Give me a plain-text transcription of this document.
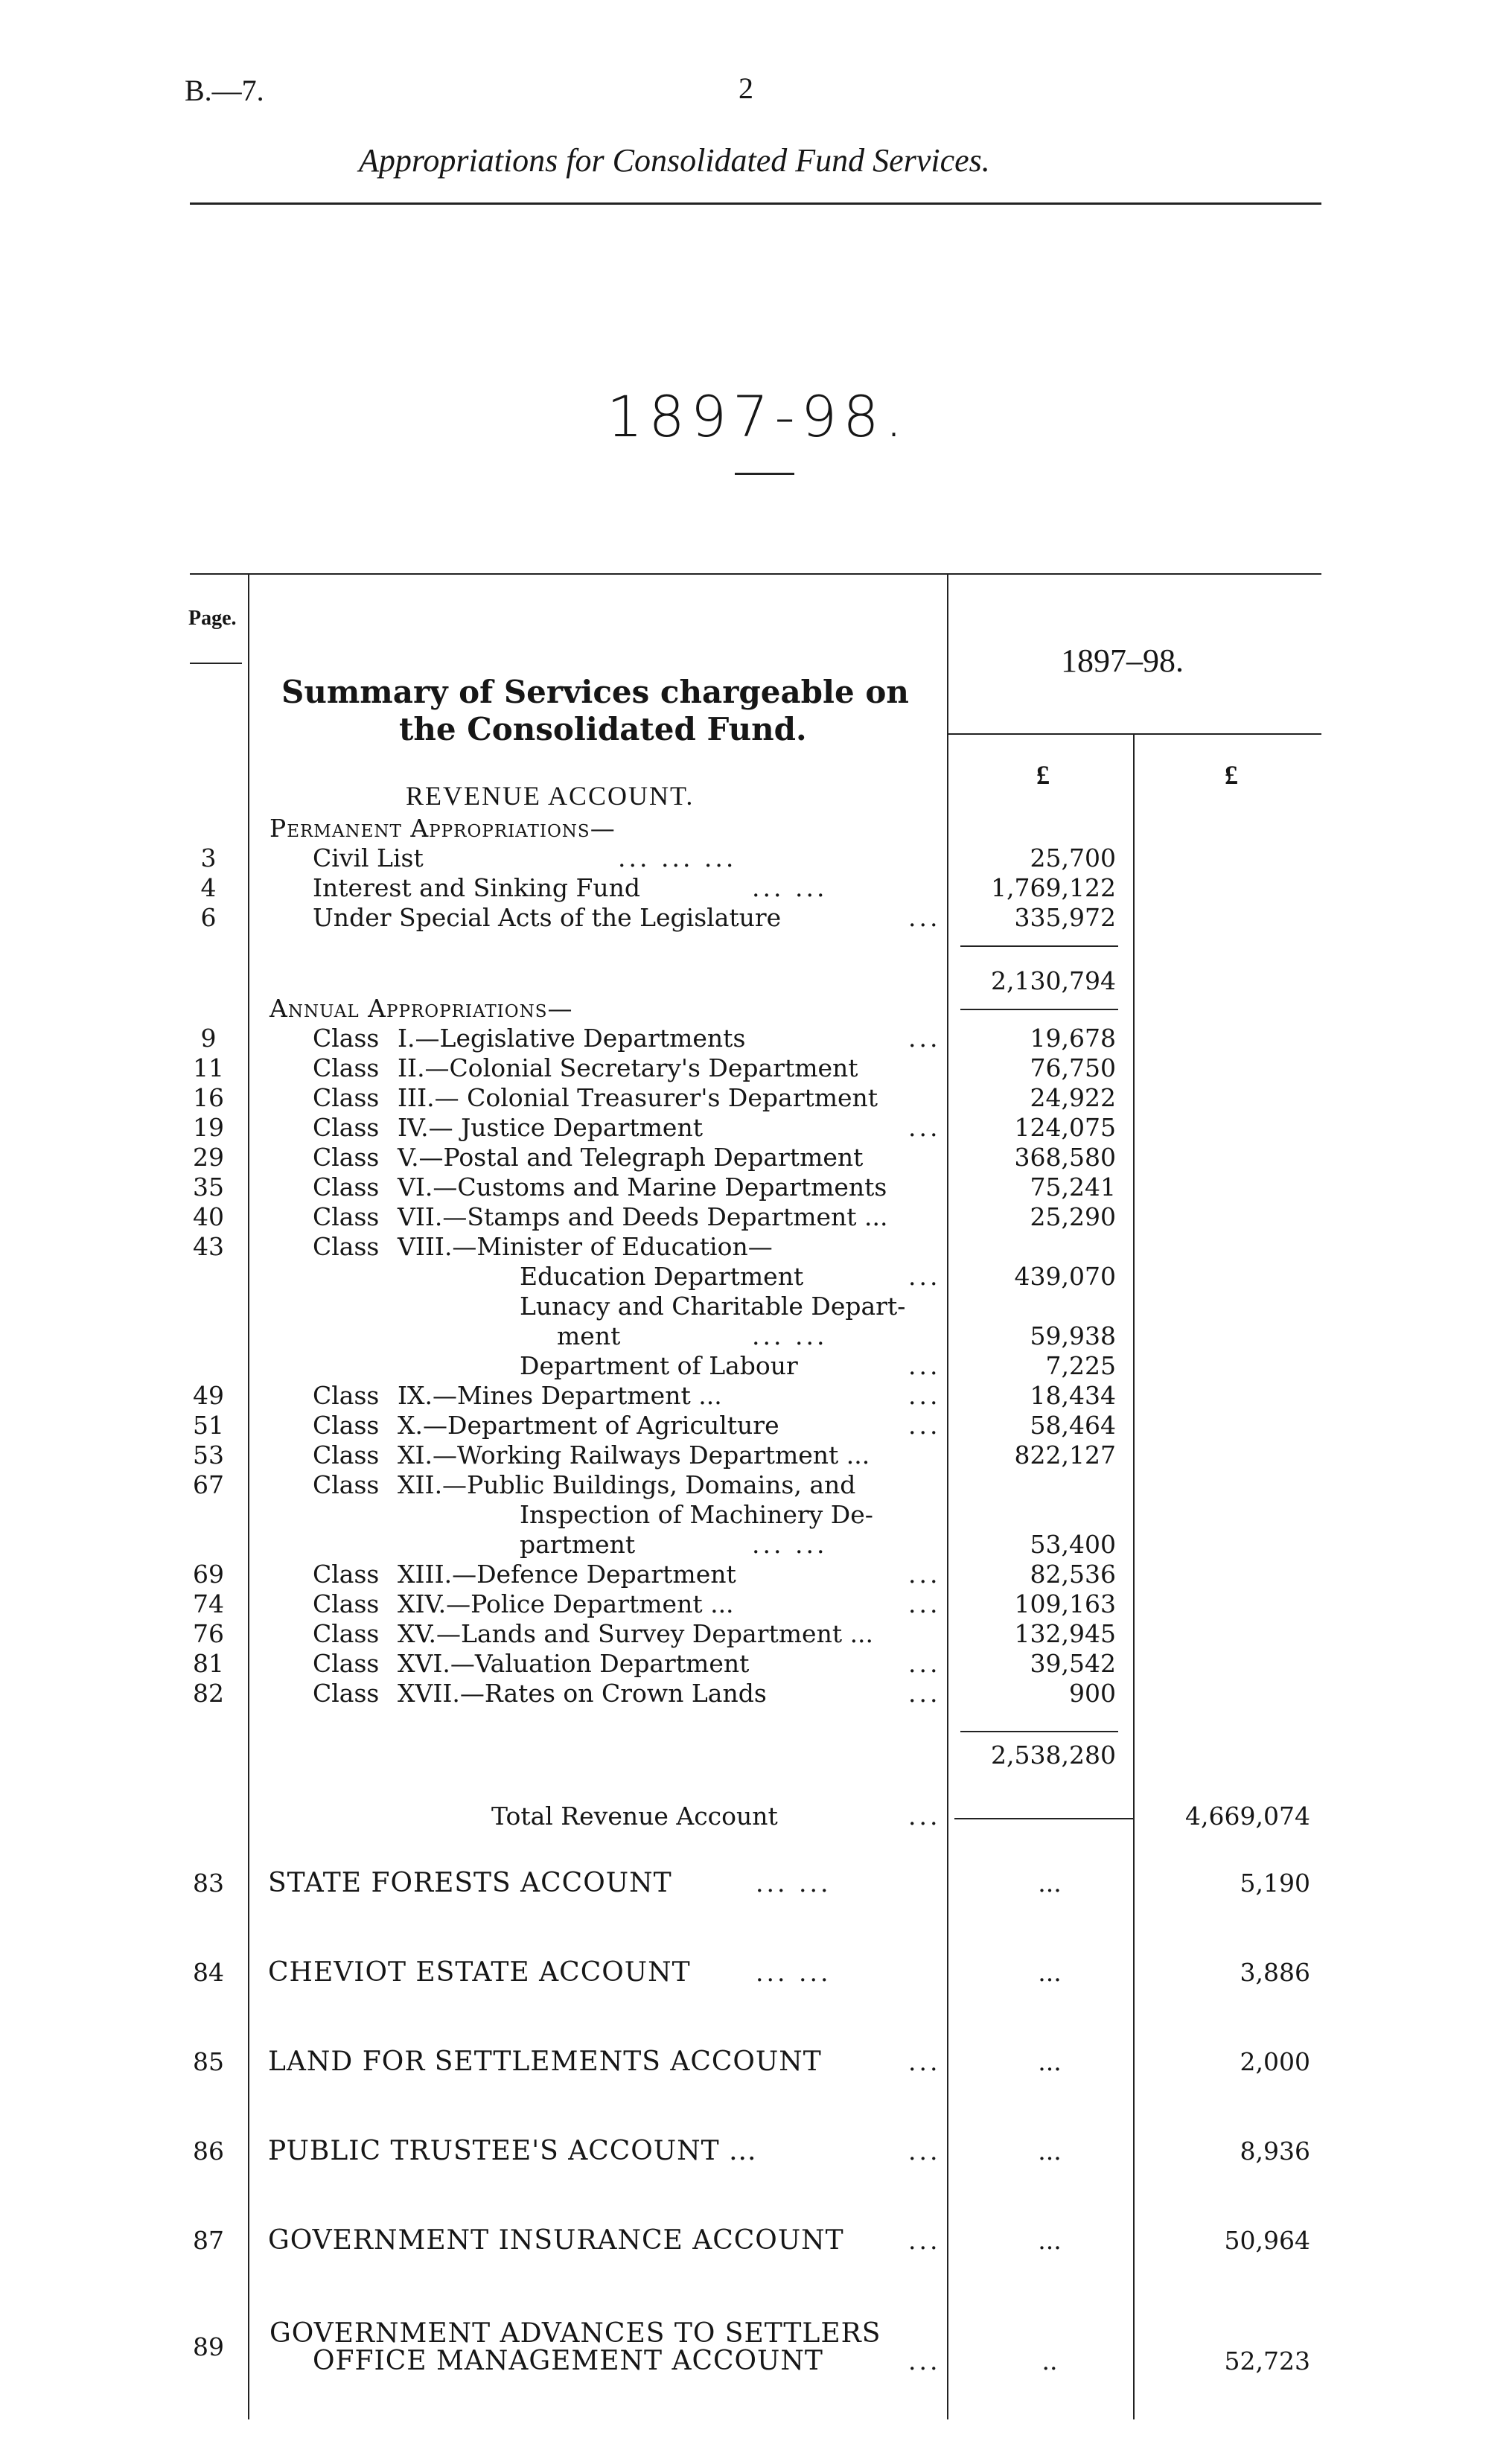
B.—7.	2
Appropriations for Consolidated Fund Services.
1897-98.
Page.
Summary of Services chargeable on
the Consolidated Fund.
1897–98.
£	£
REVENUE ACCOUNT.
Permanent Appropriations—
3	Civil List	... ... ...	25,700
4	Interest and Sinking Fund	... ...	1,769,122
6	Under Special Acts of the Legislature	...	335,972
2,130,794
Annual Appropriations—
9	Class I.—Legislative Departments	...	19,678
11	Class II.—Colonial Secretary's Department	76,750
16	Class III.— Colonial Treasurer's Department	24,922
19	Class IV.— Justice Department	...	124,075
29	Class V.—Postal and Telegraph Department	368,580
35	Class VI.—Customs and Marine Departments	75,241
40	Class VII.—Stamps and Deeds Department ...	25,290
43	Class VIII.—Minister of Education—
Education Department	...	439,070
Lunacy and Charitable Depart-
ment	... ...	59,938
Department of Labour	...	7,225
49	Class IX.—Mines Department ...	...	18,434
51	Class X.—Department of Agriculture	...	58,464
53	Class XI.—Working Railways Department ...	822,127
67	Class XII.—Public Buildings, Domains, and
Inspection of Machinery De-
partment	... ...	53,400
69	Class XIII.—Defence Department	...	82,536
74	Class XIV.—Police Department ...	...	109,163
76	Class XV.—Lands and Survey Department ...	132,945
81	Class XVI.—Valuation Department	...	39,542
82	Class XVII.—Rates on Crown Lands	...	900
2,538,280
Total Revenue Account	...	4,669,074
83	STATE FORESTS ACCOUNT	... ...	...	5,190
84	CHEVIOT ESTATE ACCOUNT	... ...	...	3,886
85	LAND FOR SETTLEMENTS ACCOUNT	...	...	2,000
86	PUBLIC TRUSTEE'S ACCOUNT ...	...	...	8,936
87	GOVERNMENT INSURANCE ACCOUNT	...	...	50,964
89	GOVERNMENT ADVANCES TO SETTLERS
OFFICE MANAGEMENT ACCOUNT	...	..	52,723
